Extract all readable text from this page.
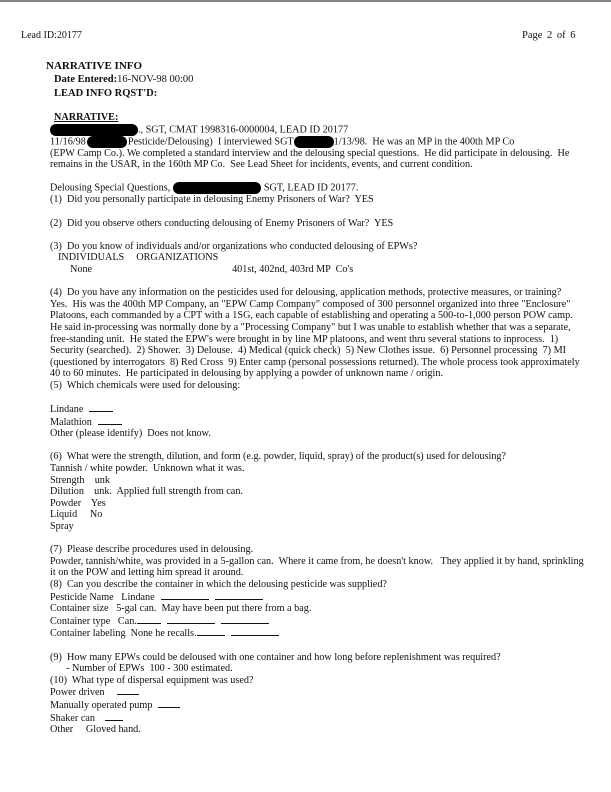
Lead ID:20177	Page 2 of 6
NARRATIVE INFO
Date Entered:16-NOV-98 00:00
LEAD INFO RQST'D:

NARRATIVE:

., SGT, CMAT 1998316-0000004, LEAD ID 20177

11/16/98	Pesticide/Delousing)  I interviewed SGT	1/13/98.  He was an MP in the 400th MP Co

(EPW Camp Co.). We completed a standard interview and the delousing special questions.  He did participate in delousing.  He remains in the USAR, in the 160th MP Co.  See Lead Sheet for incidents, events, and current condition.

Delousing Special Questions,	SGT, LEAD ID 20177.

(1)  Did you personally participate in delousing Enemy Prisoners of War?  YES

(2)  Did you observe others conducting delousing of Enemy Prisoners of War?  YES

(3)  Do you know of individuals and/or organizations who conducted delousing of EPWs?

INDIVIDUALS ORGANIZATIONS

None	401st, 402nd, 403rd MP  Co's

(4)  Do you have any information on the pesticides used for delousing, application methods, protective measures, or training?

Yes.  His was the 400th MP Company, an "EPW Camp Company" composed of 300 personnel organized into three "Enclosure" Platoons, each commanded by a CPT with a 1SG, each capable of establishing and operating a 500-to-1,000 person POW camp.  He said in-processing was normally done by a "Processing Company" but I was unable to establish whether that was a separate, free-standing unit.  He stated the EPW's were brought in by line MP platoons, and went thru several stations to inprocess.  1)  Security (searched).  2) Shower.  3) Delouse.  4) Medical (quick check)  5) New Clothes issue.  6) Personnel processing  7) MI (questioned by interrogators  8) Red Cross  9) Enter camp (personal possessions returned). The whole process took approximately 40 to 60 minutes.  He participated in delousing by applying a powder of unknown name / origin.

(5)  Which chemicals were used for delousing:

Lindane

Malathion

Other (please identify)  Does not know.

(6)  What were the strength, dilution, and form (e.g. powder, liquid, spray) of the product(s) used for delousing?

Tannish / white powder.  Unknown what it was.

Strength    unk

Dilution    unk.  Applied full strength from can.

Powder    Yes

Liquid     No

Spray

(7)  Please describe procedures used in delousing.

Powder, tannish/white, was provided in a 5-gallon can.  Where it came from, he doesn't know.   They applied it by hand, sprinkling it on the POW and letting him spread it around.

(8)  Can you describe the container in which the delousing pesticide was supplied?

Pesticide Name   Lindane

Container size   5-gal can.  May have been put there from a bag.

Container type   Can.

Container labeling  None he recalls.

(9)  How many EPWs could be deloused with one container and how long before replenishment was required?

- Number of EPWs  100 - 300 estimated.

(10)  What type of dispersal equipment was used?

Power driven

Manually operated pump

Shaker can

Other     Gloved hand.
